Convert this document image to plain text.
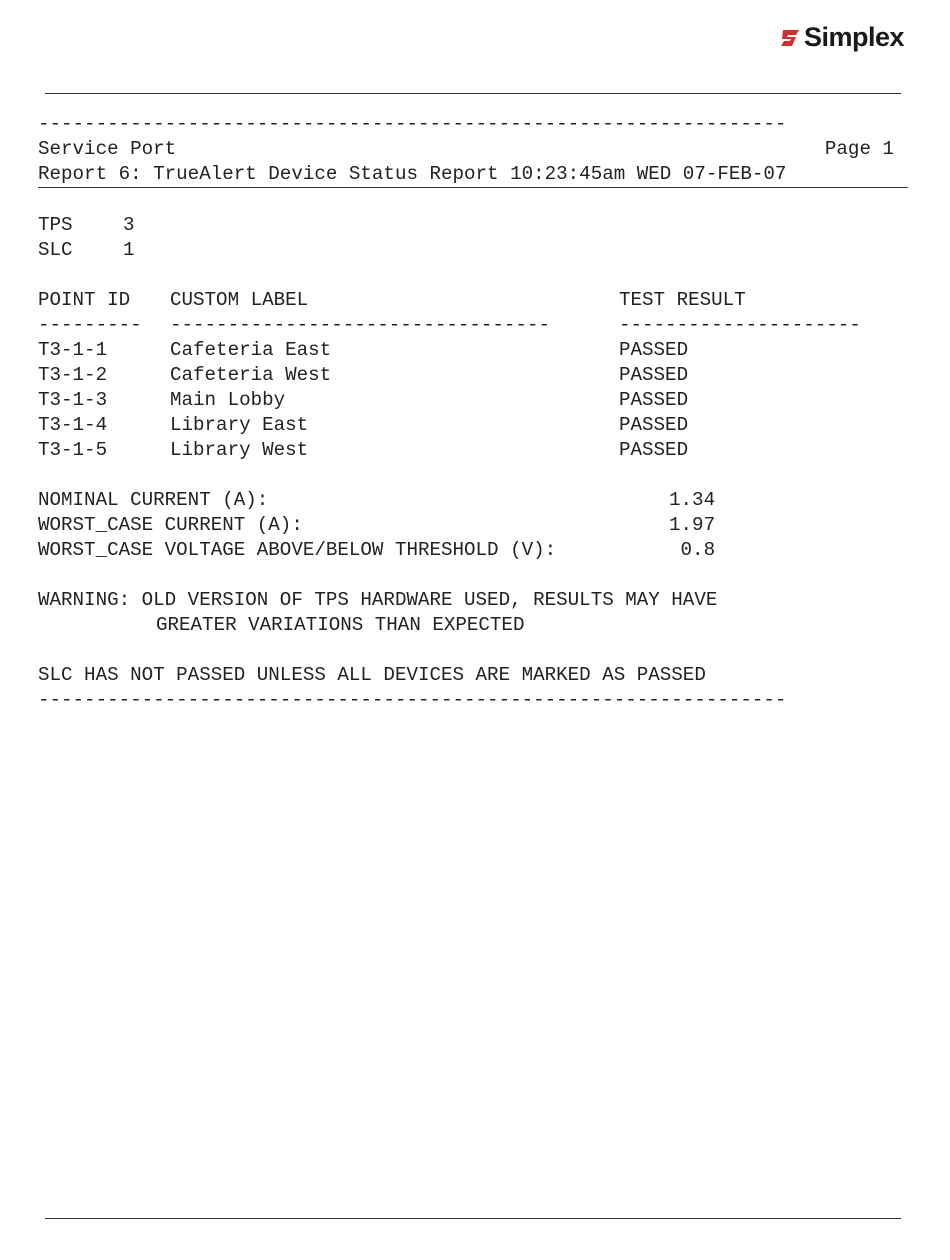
Simplex
-----------------------------------------------------------------
Service Port	Page 1
Report 6: TrueAlert Device Status Report 10:23:45am WED 07-FEB-07
TPS	3
SLC	1
POINT ID	CUSTOM LABEL	TEST RESULT
---------	---------------------------------	---------------------
T3-1-1	Cafeteria East	PASSED
T3-1-2	Cafeteria West	PASSED
T3-1-3	Main Lobby	PASSED
T3-1-4	Library East	PASSED
T3-1-5	Library West	PASSED
NOMINAL CURRENT (A):	1.34
WORST_CASE CURRENT (A):	1.97
WORST_CASE VOLTAGE ABOVE/BELOW THRESHOLD (V):	0.8
WARNING: OLD VERSION OF TPS HARDWARE USED, RESULTS MAY HAVE
GREATER VARIATIONS THAN EXPECTED
SLC HAS NOT PASSED UNLESS ALL DEVICES ARE MARKED AS PASSED
-----------------------------------------------------------------
